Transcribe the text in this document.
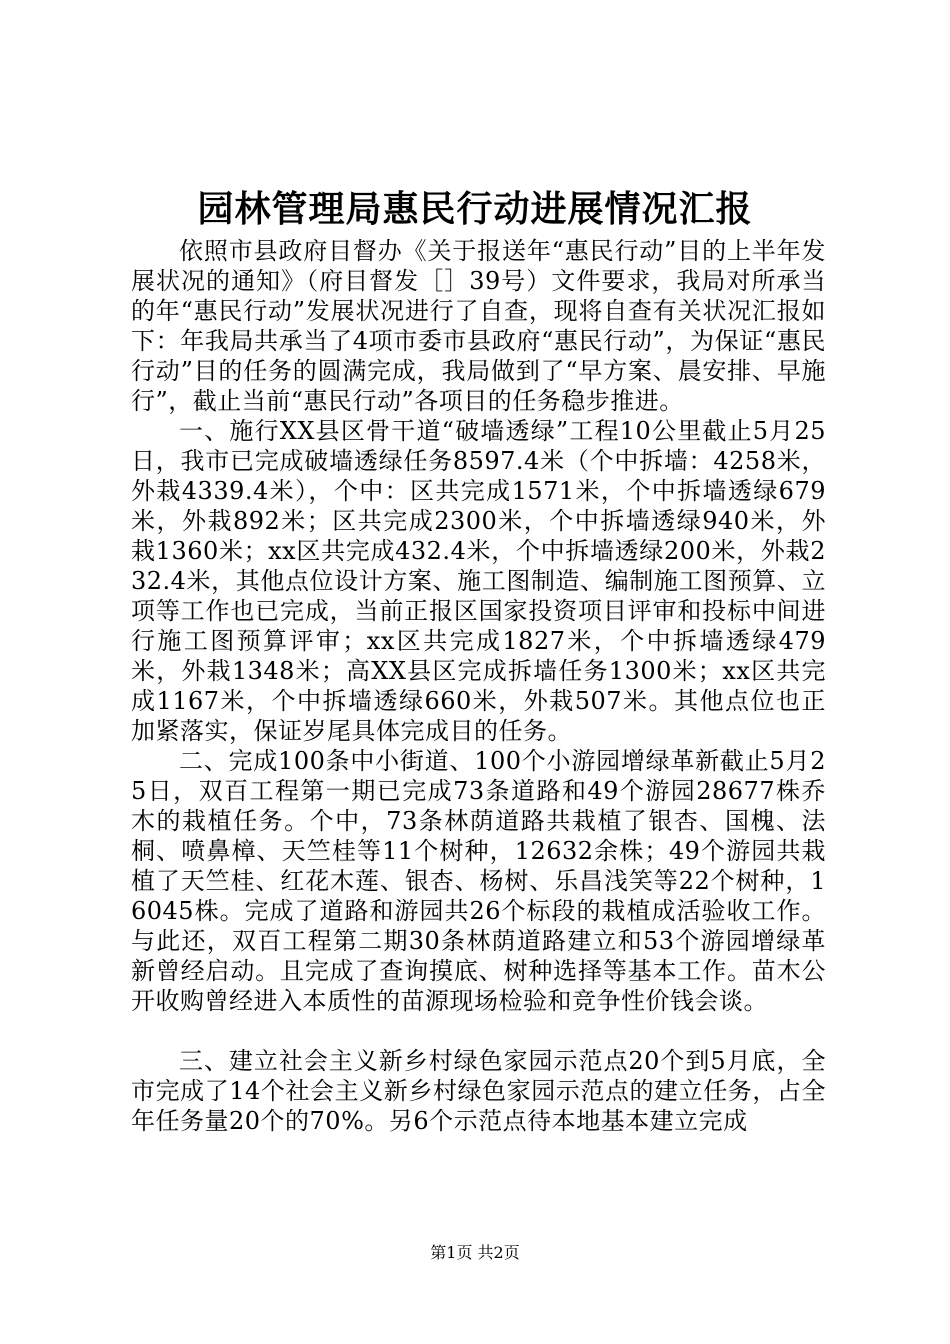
园林管理局惠民行动进展情况汇报

依照市县政府目督办《关于报送年“惠民行动”目的上半年发展状况的通知》（府目督发［］39号）文件要求，我局对所承当的年“惠民行动”发展状况进行了自查，现将自查有关状况汇报如下：年我局共承当了4项市委市县政府“惠民行动”，为保证“惠民行动”目的任务的圆满完成，我局做到了“早方案、晨安排、早施行”，截止当前“惠民行动”各项目的任务稳步推进。

一、施行XX县区骨干道“破墙透绿”工程10公里截止5月25日，我市已完成破墙透绿任务8597.4米（个中拆墙：4258米，外栽4339.4米），个中：区共完成1571米，个中拆墙透绿679米，外栽892米；区共完成2300米，个中拆墙透绿940米，外栽1360米；xx区共完成432.4米，个中拆墙透绿200米，外栽232.4米，其他点位设计方案、施工图制造、编制施工图预算、立项等工作也已完成，当前正报区国家投资项目评审和投标中间进行施工图预算评审；xx区共完成1827米，个中拆墙透绿479米，外栽1348米；高XX县区完成拆墙任务1300米；xx区共完成1167米，个中拆墙透绿660米，外栽507米。其他点位也正加紧落实，保证岁尾具体完成目的任务。

二、完成100条中小街道、100个小游园增绿革新截止5月25日，双百工程第一期已完成73条道路和49个游园28677株乔木的栽植任务。个中，73条林荫道路共栽植了银杏、国槐、法桐、喷鼻樟、天竺桂等11个树种，12632余株；49个游园共栽植了天竺桂、红花木莲、银杏、杨树、乐昌浅笑等22个树种，16045株。完成了道路和游园共26个标段的栽植成活验收工作。与此还，双百工程第二期30条林荫道路建立和53个游园增绿革新曾经启动。且完成了查询摸底、树种选择等基本工作。苗木公开收购曾经进入本质性的苗源现场检验和竞争性价钱会谈。

三、建立社会主义新乡村绿色家园示范点20个到5月底，全市完成了14个社会主义新乡村绿色家园示范点的建立任务，占全年任务量20个的70%。另6个示范点待本地基本建立完成

第1页 共2页
